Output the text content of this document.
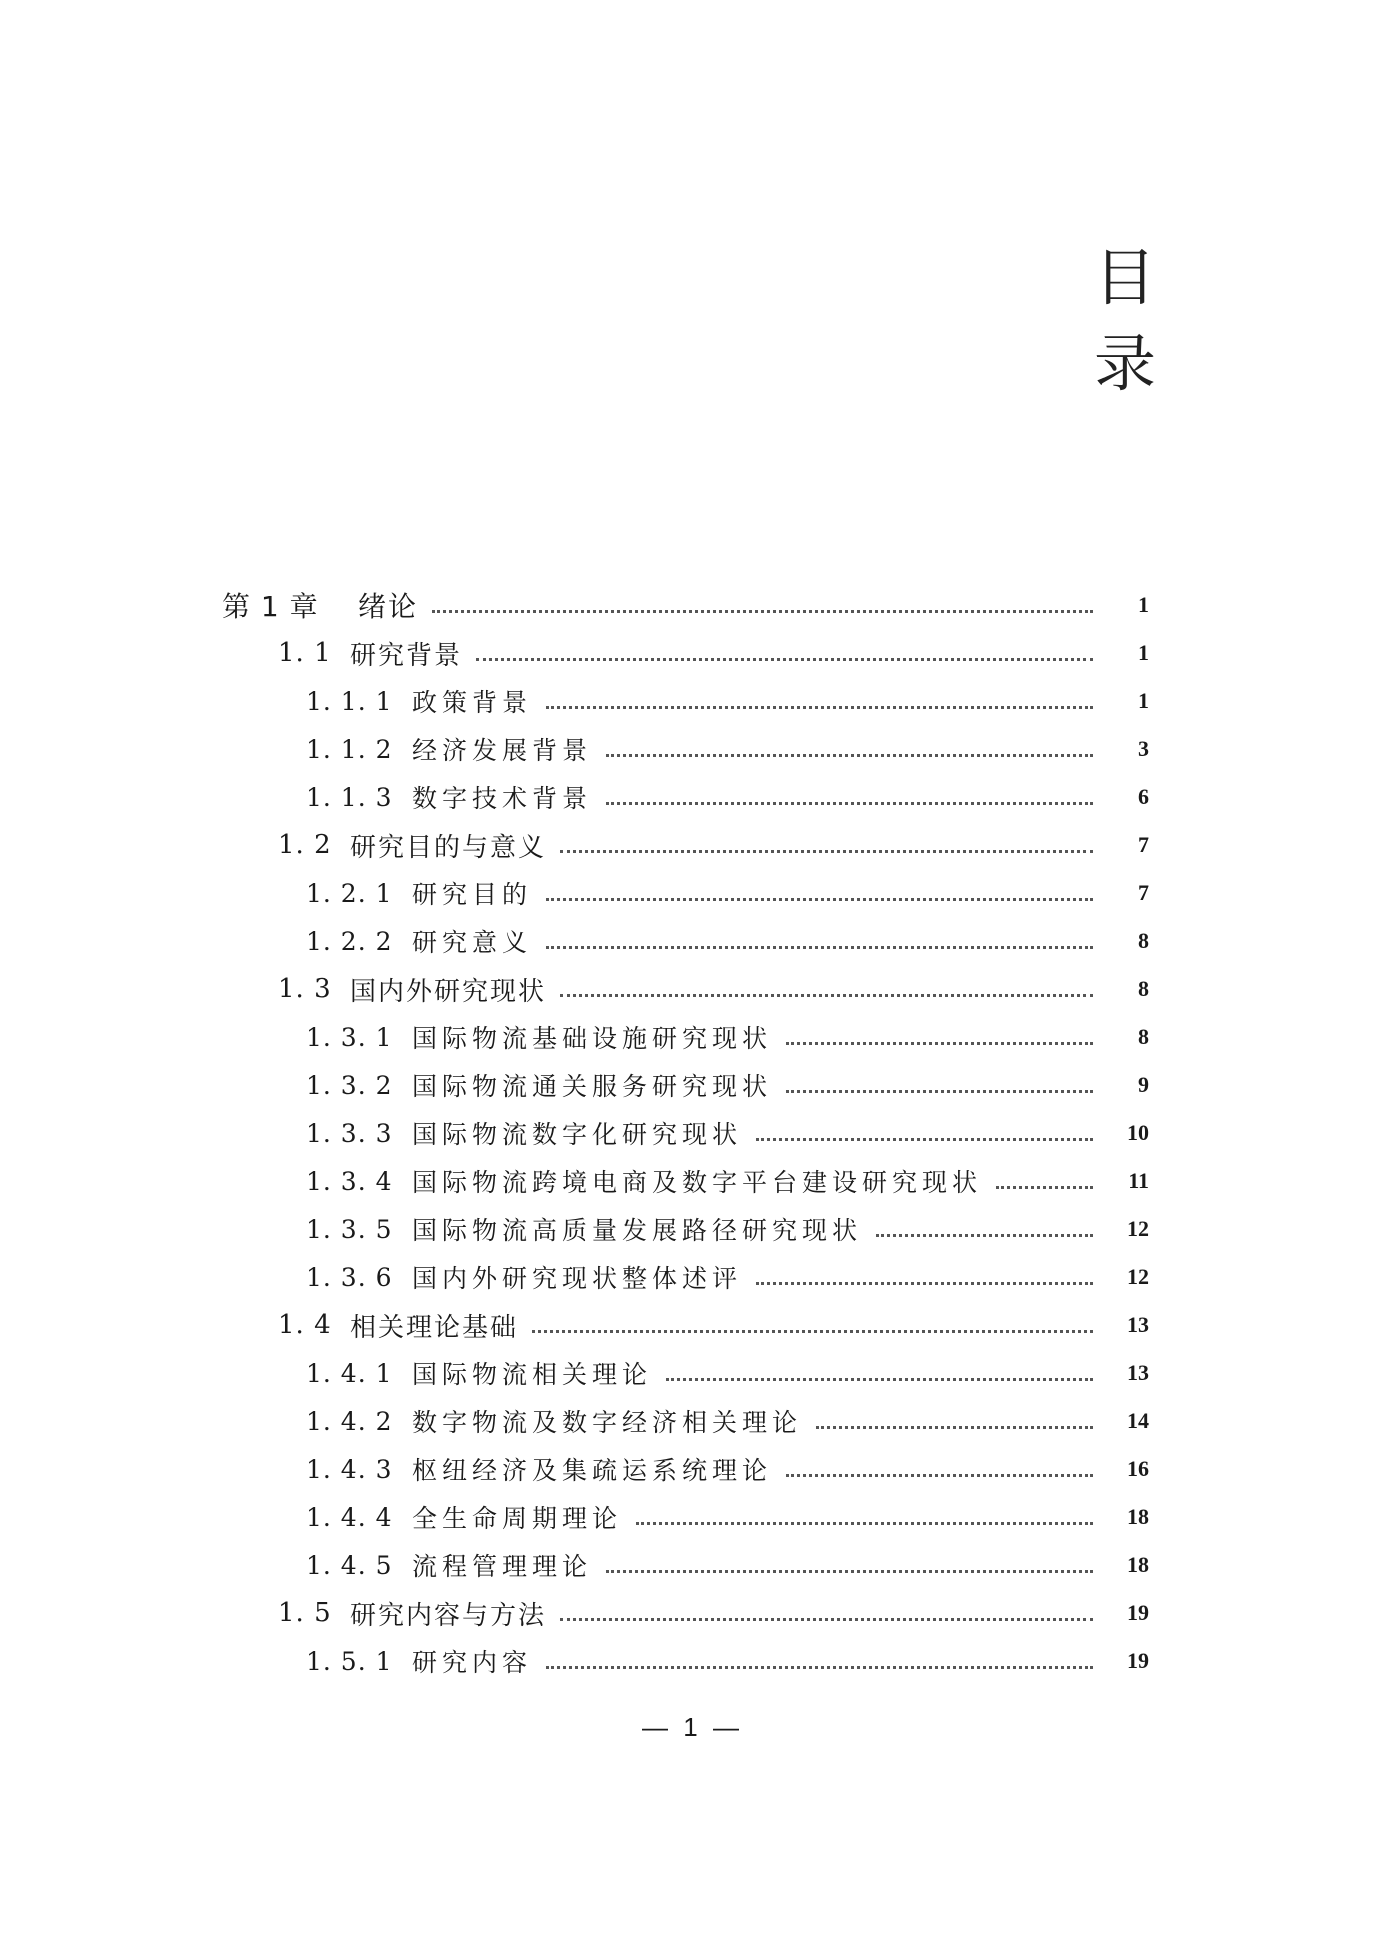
目
录
第 1 章	绪论	1
1. 1 研究背景	1
1. 1. 1 政策背景	1
1. 1. 2 经济发展背景	3
1. 1. 3 数字技术背景	6
1. 2 研究目的与意义	7
1. 2. 1 研究目的	7
1. 2. 2 研究意义	8
1. 3 国内外研究现状	8
1. 3. 1 国际物流基础设施研究现状	8
1. 3. 2 国际物流通关服务研究现状	9
1. 3. 3 国际物流数字化研究现状	10
1. 3. 4 国际物流跨境电商及数字平台建设研究现状	11
1. 3. 5 国际物流高质量发展路径研究现状	12
1. 3. 6 国内外研究现状整体述评	12
1. 4 相关理论基础	13
1. 4. 1 国际物流相关理论	13
1. 4. 2 数字物流及数字经济相关理论	14
1. 4. 3 枢纽经济及集疏运系统理论	16
1. 4. 4 全生命周期理论	18
1. 4. 5 流程管理理论	18
1. 5 研究内容与方法	19
1. 5. 1 研究内容	19
— 1 —
